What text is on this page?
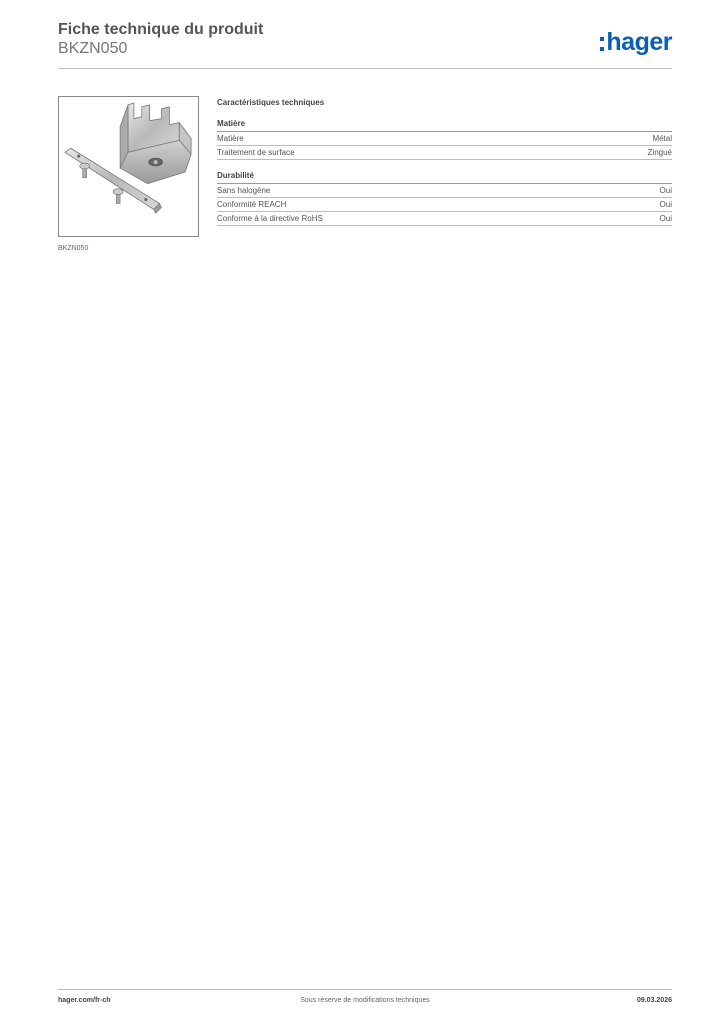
Fiche technique du produit
BKZN050	hager
BKZN050
Caractéristiques techniques
Matière
Matière	Métal
Traitement de surface	Zingué
Durabilité
Sans halogène	Oui
Conformité REACH	Oui
Conforme à la directive RoHS	Oui
hager.com/fr-ch	Sous réserve de modifications techniques	09.03.2026
